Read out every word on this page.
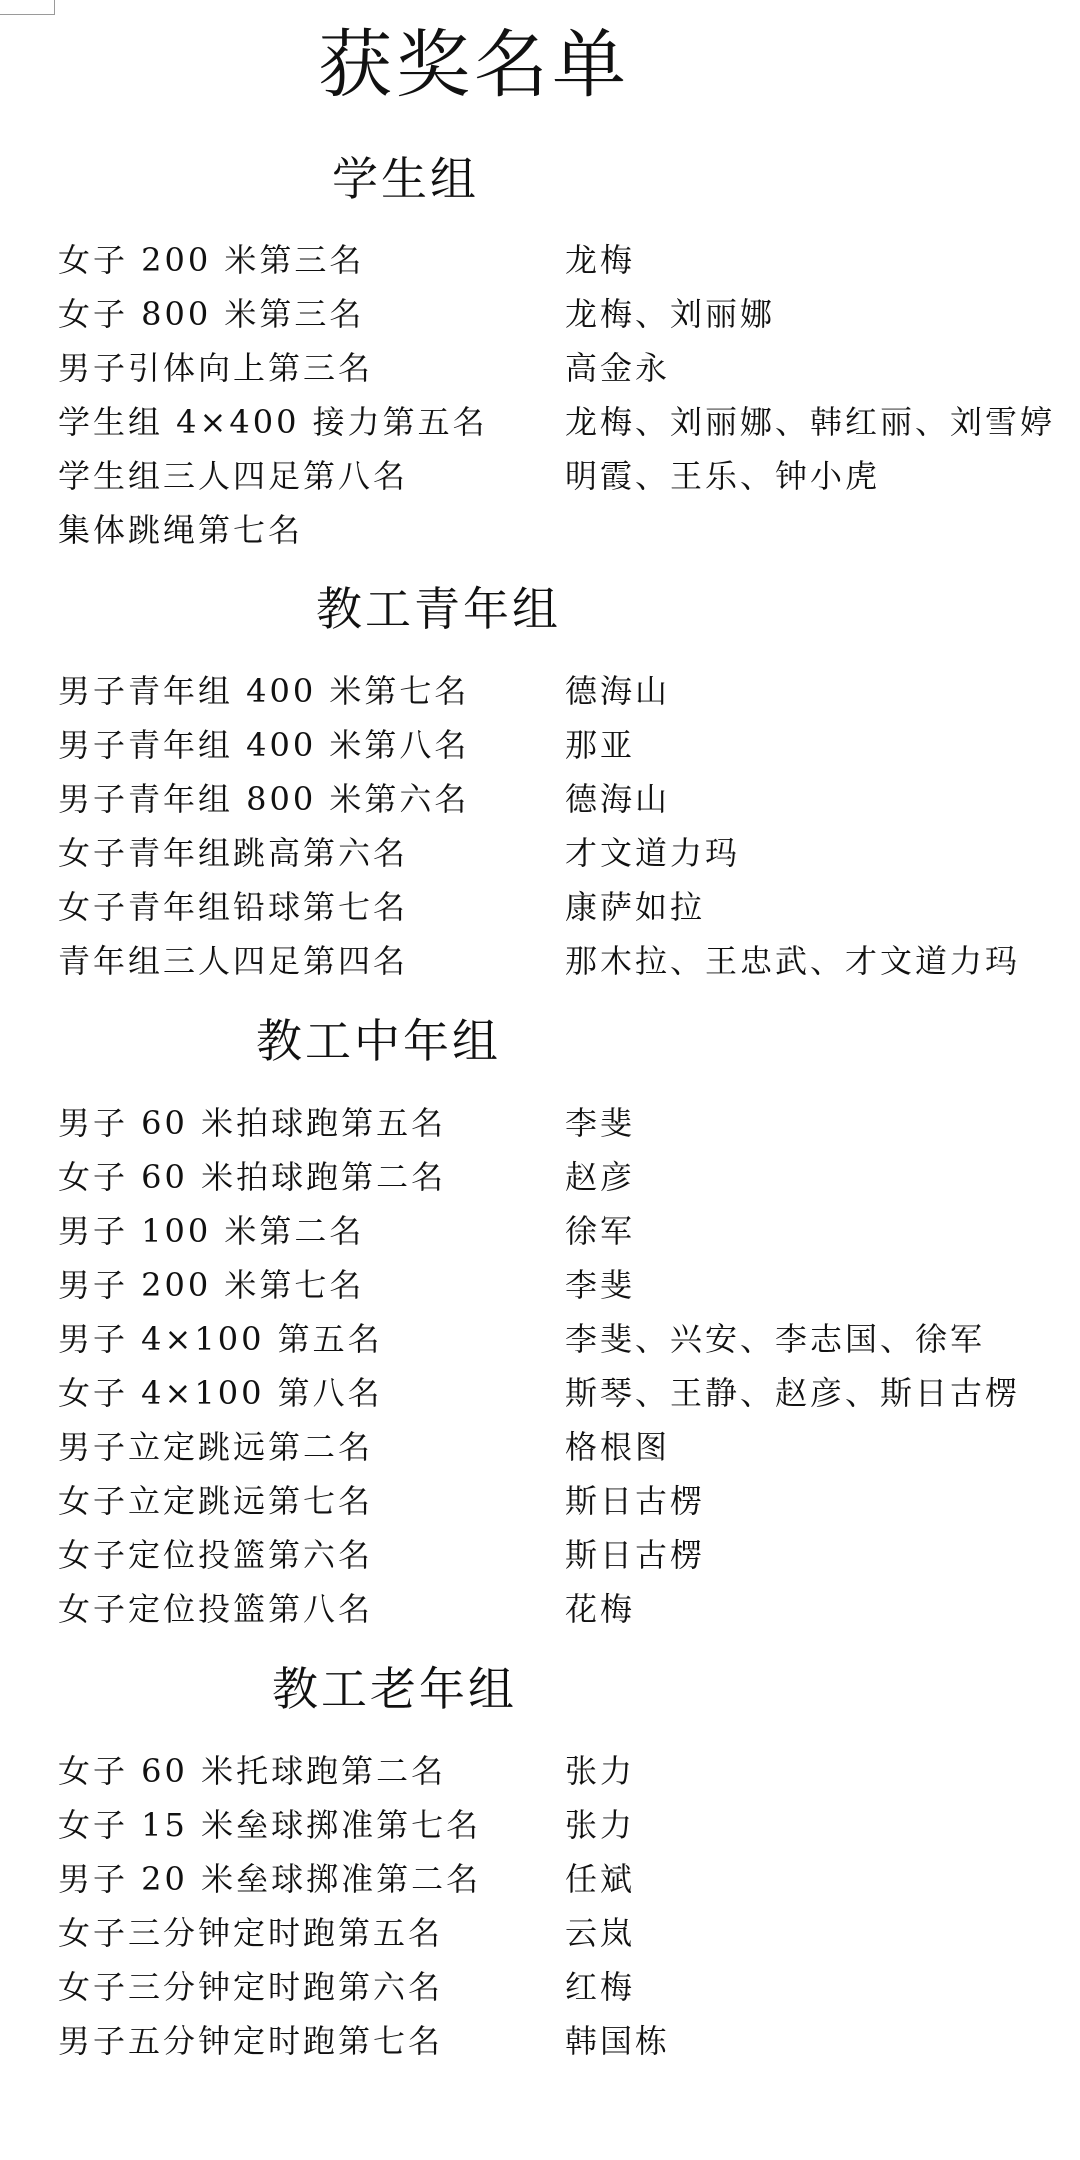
获奖名单
学生组
女子 200 米第三名	龙梅
女子 800 米第三名	龙梅、刘丽娜
男子引体向上第三名	高金永
学生组 4×400 接力第五名 龙梅、刘丽娜、韩红丽、刘雪婷
学生组三人四足第八名	明霞、王乐、钟小虎
集体跳绳第七名
教工青年组
男子青年组 400 米第七名	德海山
男子青年组 400 米第八名	那亚
男子青年组 800 米第六名	德海山
女子青年组跳高第六名	才文道力玛
女子青年组铅球第七名	康萨如拉
青年组三人四足第四名	那木拉、王忠武、才文道力玛
教工中年组
男子 60 米拍球跑第五名	李斐
女子 60 米拍球跑第二名	赵彦
男子 100 米第二名	徐军
男子 200 米第七名	李斐
男子 4×100 第五名	李斐、兴安、李志国、徐军
女子 4×100 第八名	斯琴、王静、赵彦、斯日古楞
男子立定跳远第二名	格根图
女子立定跳远第七名	斯日古楞
女子定位投篮第六名	斯日古楞
女子定位投篮第八名	花梅
教工老年组
女子 60 米托球跑第二名	张力
女子 15 米垒球掷准第七名	张力
男子 20 米垒球掷准第二名	任斌
女子三分钟定时跑第五名	云岚
女子三分钟定时跑第六名	红梅
男子五分钟定时跑第七名	韩国栋
